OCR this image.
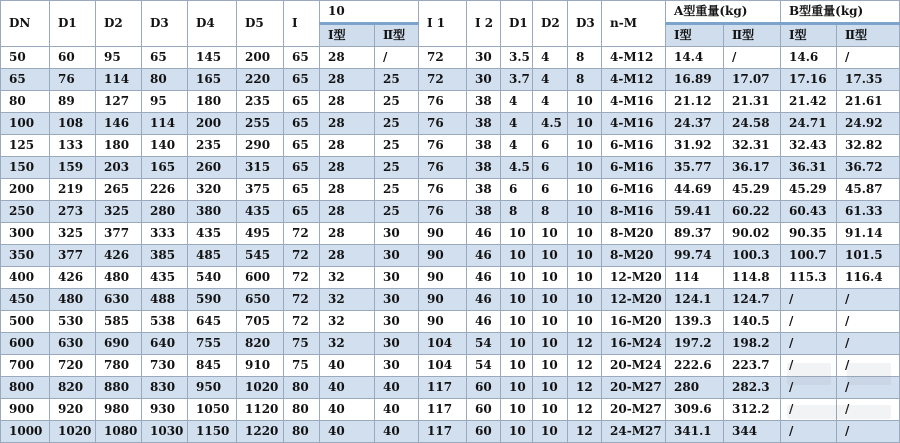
DN	D1	D2	D3	D4	D5	I	10		I 1	I 2	D1	D2	D3	n-M	A型重量(kg)		B型重量(kg)	
							Ⅰ型	Ⅱ型							Ⅰ型	Ⅱ型	Ⅰ型	Ⅱ型
50	60	95	65	145	200	65	28	/	72	30	3.5	4	8	4-M12	14.4	/	14.6	/
65	76	114	80	165	220	65	28	25	72	30	3.7	4	8	4-M12	16.89	17.07	17.16	17.35
80	89	127	95	180	235	65	28	25	76	38	4	4	10	4-M16	21.12	21.31	21.42	21.61
100	108	146	114	200	255	65	28	25	76	38	4	4.5	10	4-M16	24.37	24.58	24.71	24.92
125	133	180	140	235	290	65	28	25	76	38	4	6	10	6-M16	31.92	32.31	32.43	32.82
150	159	203	165	260	315	65	28	25	76	38	4.5	6	10	6-M16	35.77	36.17	36.31	36.72
200	219	265	226	320	375	65	28	25	76	38	6	6	10	6-M16	44.69	45.29	45.29	45.87
250	273	325	280	380	435	65	28	25	76	38	8	8	10	8-M16	59.41	60.22	60.43	61.33
300	325	377	333	435	495	72	28	30	90	46	10	10	10	8-M20	89.37	90.02	90.35	91.14
350	377	426	385	485	545	72	28	30	90	46	10	10	10	8-M20	99.74	100.3	100.7	101.5
400	426	480	435	540	600	72	32	30	90	46	10	10	10	12-M20	114	114.8	115.3	116.4
450	480	630	488	590	650	72	32	30	90	46	10	10	10	12-M20	124.1	124.7	/	/
500	530	585	538	645	705	72	32	30	90	46	10	10	10	16-M20	139.3	140.5	/	/
600	630	690	640	755	820	75	32	30	104	54	10	10	12	16-M24	197.2	198.2	/	/
700	720	780	730	845	910	75	40	30	104	54	10	10	12	20-M24	222.6	223.7	/	/
800	820	880	830	950	1020	80	40	40	117	60	10	10	12	20-M27	280	282.3	/	/
900	920	980	930	1050	1120	80	40	40	117	60	10	10	12	20-M27	309.6	312.2	/	/
1000	1020	1080	1030	1150	1220	80	40	40	117	60	10	10	12	24-M27	341.1	344	/	/
